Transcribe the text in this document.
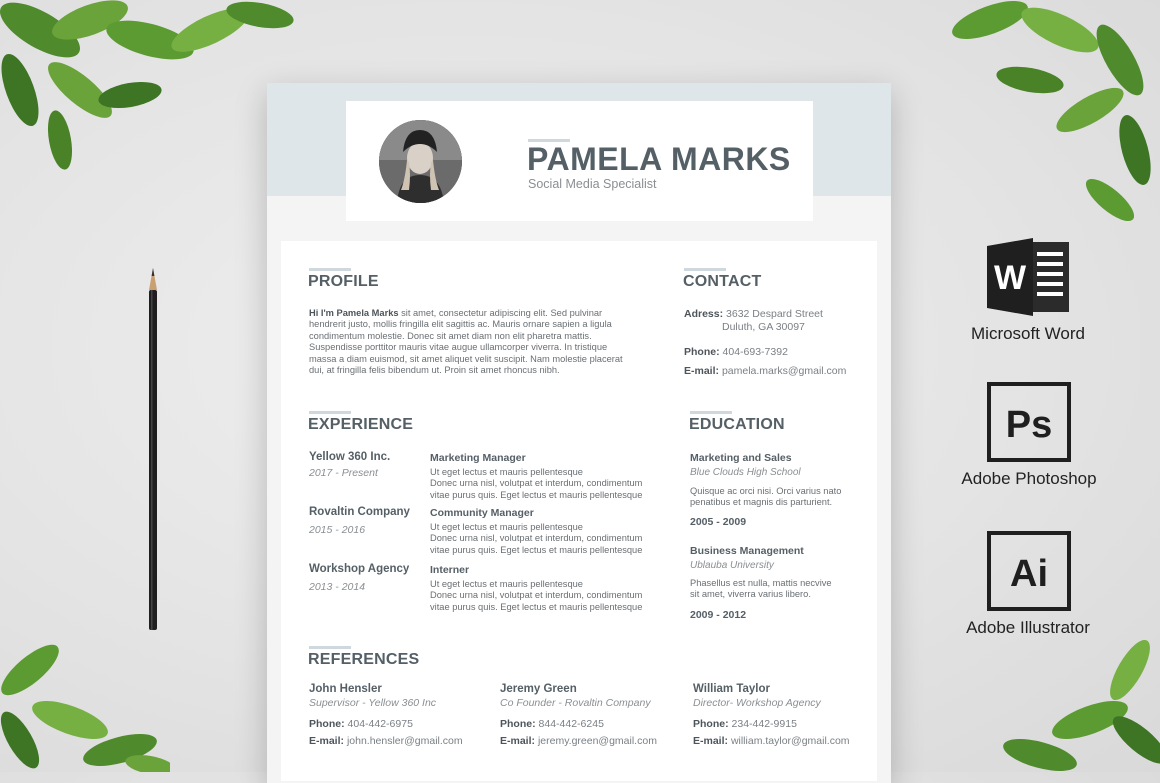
PAMELA MARKS
Social Media Specialist
PROFILE
Hi I'm Pamela Marks sit amet, consectetur adipiscing elit. Sed pulvinar hendrerit justo, mollis fringilla elit sagittis ac. Mauris ornare sapien a ligula condimentum molestie. Donec sit amet diam non elit pharetra mattis. Suspendisse porttitor mauris vitae augue ullamcorper viverra. In tristique massa a diam euismod, sit amet aliquet velit suscipit. Nam molestie placerat dui, at fringilla felis bibendum ut. Proin sit amet rhoncus nibh.
CONTACT
Adress: 3632 Despard Street
Duluth, GA 30097
Phone: 404-693-7392
E-mail: pamela.marks@gmail.com
EXPERIENCE
Yellow 360 Inc.
2017 - Present
Marketing Manager
Ut eget lectus et mauris pellentesque
Donec urna nisl, volutpat et interdum, condimentum
vitae purus quis. Eget lectus et mauris pellentesque
Rovaltin Company
2015 - 2016
Community Manager
Ut eget lectus et mauris pellentesque
Donec urna nisl, volutpat et interdum, condimentum
vitae purus quis. Eget lectus et mauris pellentesque
Workshop Agency
2013 - 2014
Interner
Ut eget lectus et mauris pellentesque
Donec urna nisl, volutpat et interdum, condimentum
vitae purus quis. Eget lectus et mauris pellentesque
EDUCATION
Marketing and Sales
Blue Clouds High School
Quisque ac orci nisi. Orci varius nato
penatibus et magnis dis parturient.
2005 - 2009
Business Management
Ublauba University
Phasellus est nulla, mattis necvive
sit amet, viverra varius libero.
2009 - 2012
REFERENCES
John Hensler
Supervisor - Yellow 360 Inc
Phone: 404-442-6975
E-mail: john.hensler@gmail.com
Jeremy Green
Co Founder - Rovaltin Company
Phone: 844-442-6245
E-mail: jeremy.green@gmail.com
William Taylor
Director- Workshop Agency
Phone: 234-442-9915
E-mail: william.taylor@gmail.com
W
Microsoft Word
Ps
Adobe Photoshop
Ai
Adobe Illustrator
